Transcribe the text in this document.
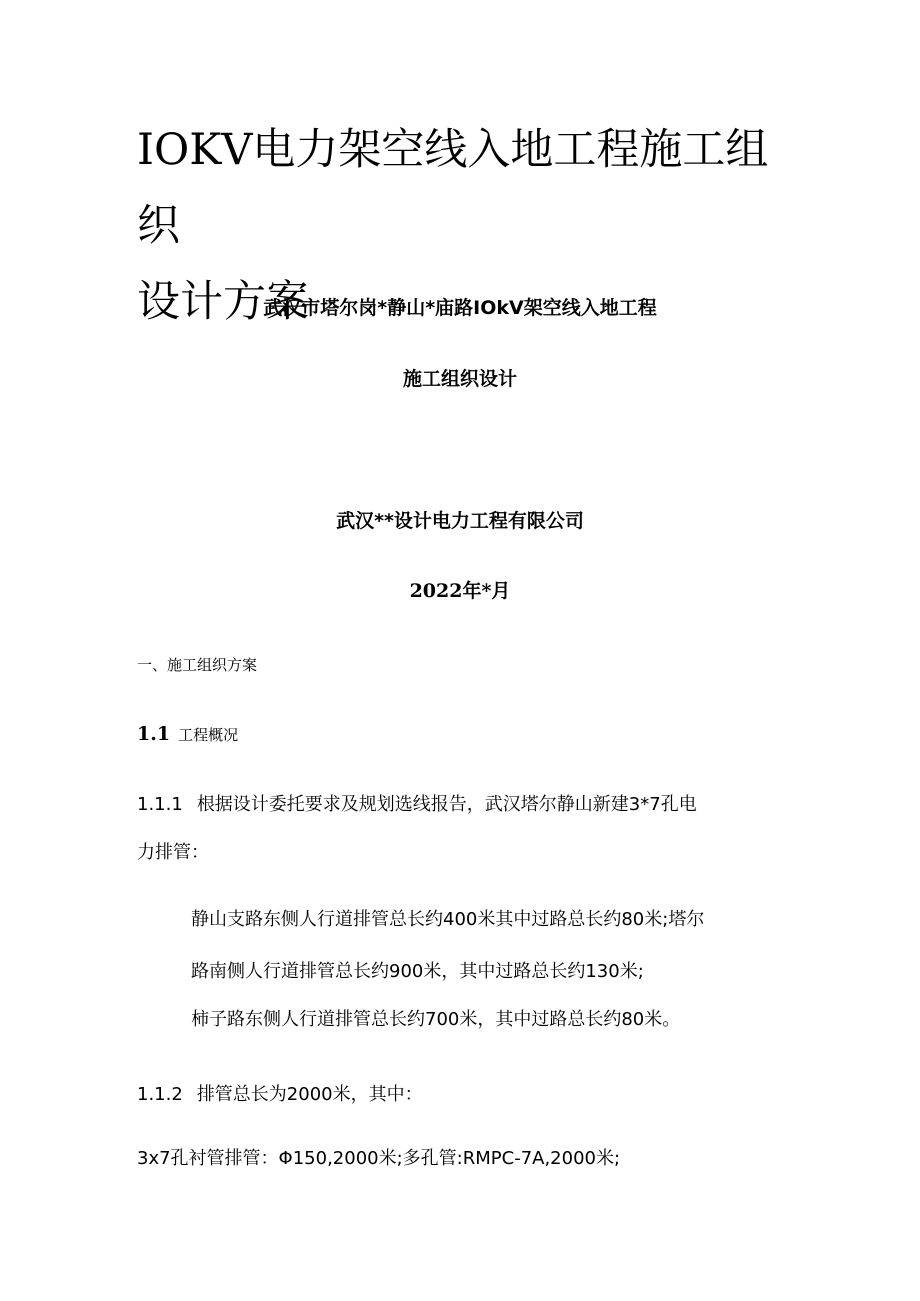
IOKV电力架空线入地工程施工组织
设计方案

武汉市塔尔岗*静山*庙路IOkV架空线入地工程

施工组织设计

武汉**设计电力工程有限公司

2022年*月

一、施工组织方案

1.1 工程概况

1.1.1 根据设计委托要求及规划选线报告，武汉塔尔静山新建3*7孔电

力排管：

静山支路东侧人行道排管总长约400米其中过路总长约80米;塔尔

路南侧人行道排管总长约900米，其中过路总长约130米;

柿子路东侧人行道排管总长约700米，其中过路总长约80米。

1.1.2 排管总长为2000米，其中：

3x7孔衬管排管：Φ150,2000米;多孔管:RMPC-7A,2000米;
